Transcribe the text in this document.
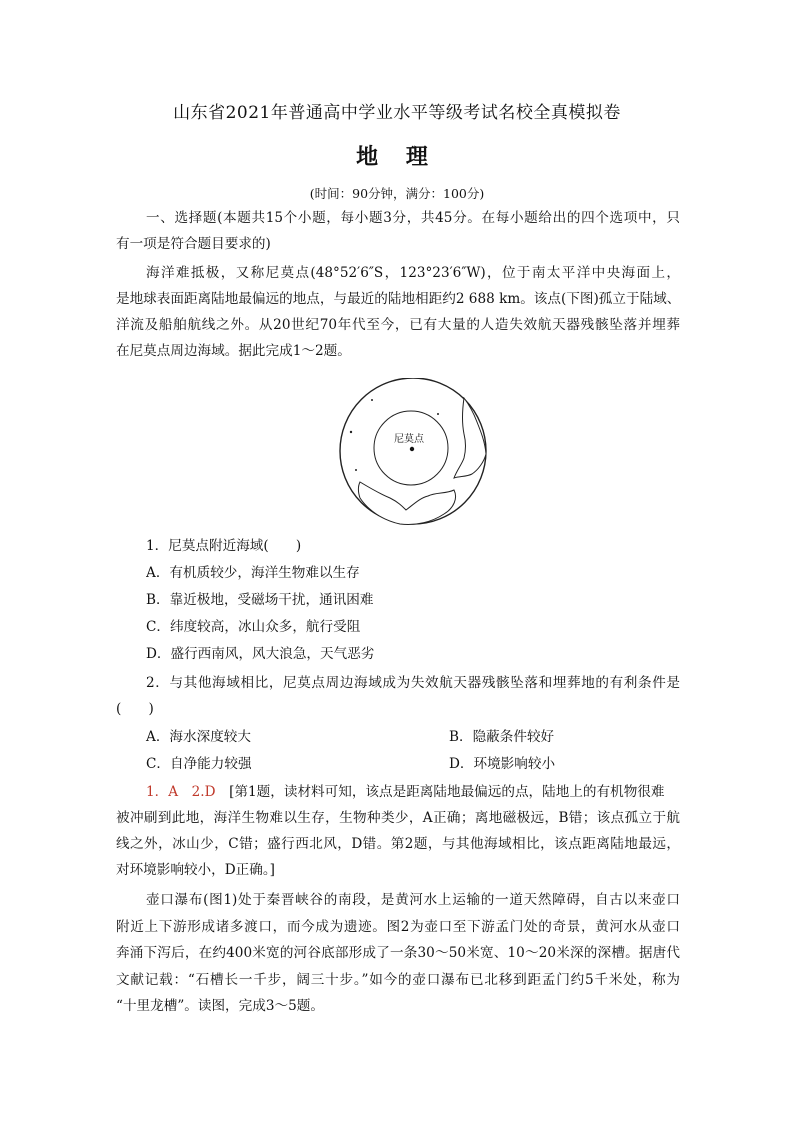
山东省2021年普通高中学业水平等级考试名校全真模拟卷
地 理
(时间：90分钟，满分：100分)
一、选择题(本题共15个小题，每小题3分，共45分。在每小题给出的四个选项中，只
有一项是符合题目要求的)
海洋难抵极，又称尼莫点(48°52′6″S，123°23′6″W)，位于南太平洋中央海面上，
是地球表面距离陆地最偏远的地点，与最近的陆地相距约2 688 km。该点(下图)孤立于陆域、
洋流及船舶航线之外。从20世纪70年代至今，已有大量的人造失效航天器残骸坠落并埋葬
在尼莫点周边海域。据此完成1～2题。
尼莫点
1．尼莫点附近海域(　　)
A．有机质较少，海洋生物难以生存
B．靠近极地，受磁场干扰，通讯困难
C．纬度较高，冰山众多，航行受阻
D．盛行西南风，风大浪急，天气恶劣
2．与其他海域相比，尼莫点周边海域成为失效航天器残骸坠落和埋葬地的有利条件是
(　　)
A．海水深度较大	B．隐蔽条件较好
C．自净能力较强	D．环境影响较小
1．A　2.D　[第1题，读材料可知，该点是距离陆地最偏远的点，陆地上的有机物很难
被冲刷到此地，海洋生物难以生存，生物种类少，A正确；离地磁极远，B错；该点孤立于航
线之外，冰山少，C错；盛行西北风，D错。第2题，与其他海域相比，该点距离陆地最远，
对环境影响较小，D正确。]
壶口瀑布(图1)处于秦晋峡谷的南段，是黄河水上运输的一道天然障碍，自古以来壶口
附近上下游形成诸多渡口，而今成为遗迹。图2为壶口至下游孟门处的奇景，黄河水从壶口
奔涌下泻后，在约400米宽的河谷底部形成了一条30～50米宽、10～20米深的深槽。据唐代
文献记载：“石槽长一千步，阔三十步。”如今的壶口瀑布已北移到距孟门约5千米处，称为
“十里龙槽”。读图，完成3～5题。
